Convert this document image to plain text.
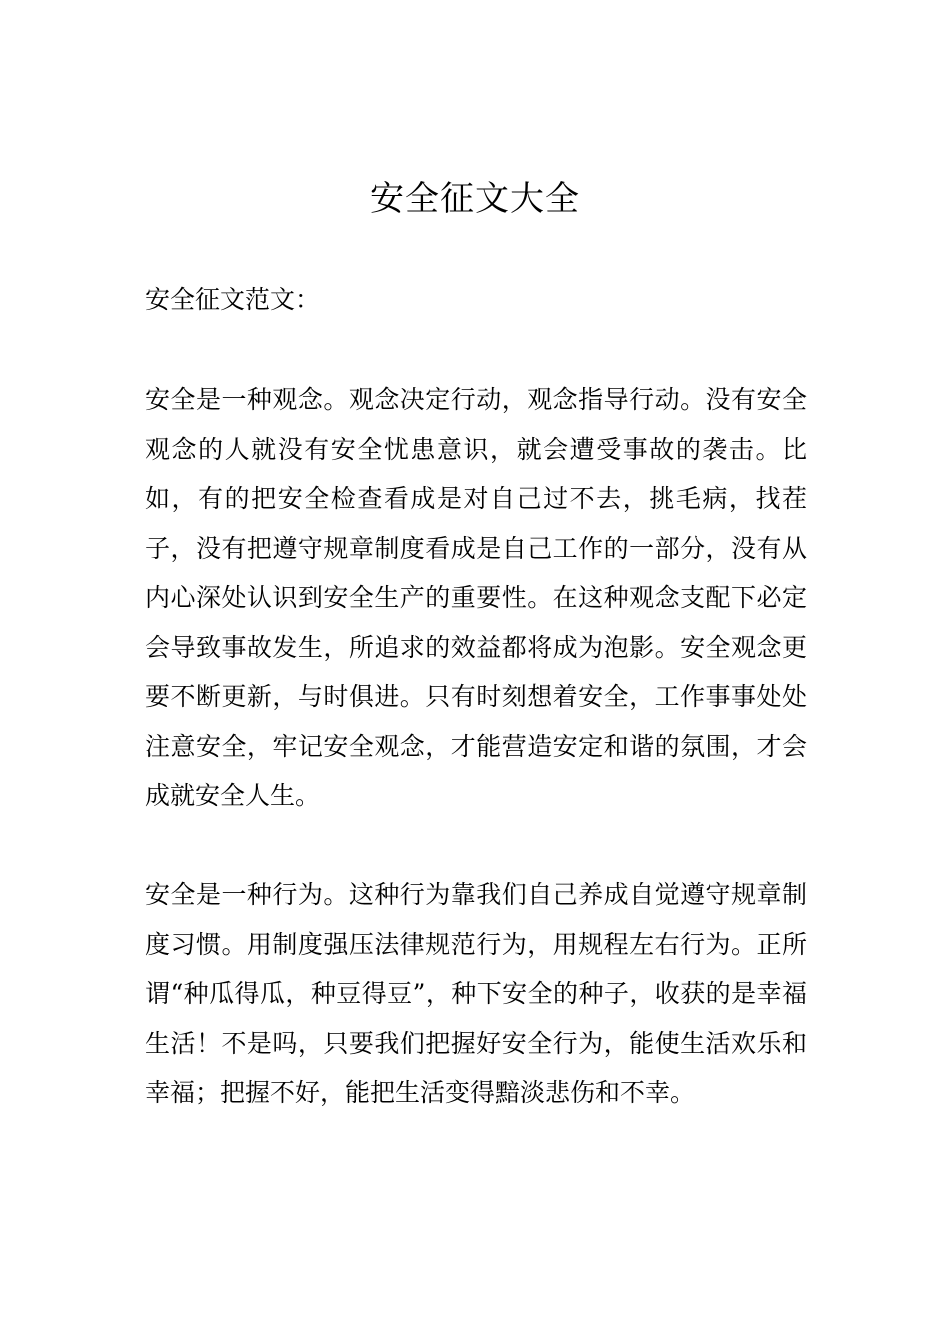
安全征文大全
安全征文范文：
安全是一种观念。观念决定行动，观念指导行动。没有安全观念的人就没有安全忧患意识，就会遭受事故的袭击。比如，有的把安全检查看成是对自己过不去，挑毛病，找茬子，没有把遵守规章制度看成是自己工作的一部分，没有从内心深处认识到安全生产的重要性。在这种观念支配下必定会导致事故发生，所追求的效益都将成为泡影。安全观念更要不断更新，与时俱进。只有时刻想着安全，工作事事处处注意安全，牢记安全观念，才能营造安定和谐的氛围，才会成就安全人生。
安全是一种行为。这种行为靠我们自己养成自觉遵守规章制度习惯。用制度强压法律规范行为，用规程左右行为。正所谓“种瓜得瓜，种豆得豆”，种下安全的种子，收获的是幸福生活！不是吗，只要我们把握好安全行为，能使生活欢乐和幸福；把握不好，能把生活变得黯淡悲伤和不幸。
